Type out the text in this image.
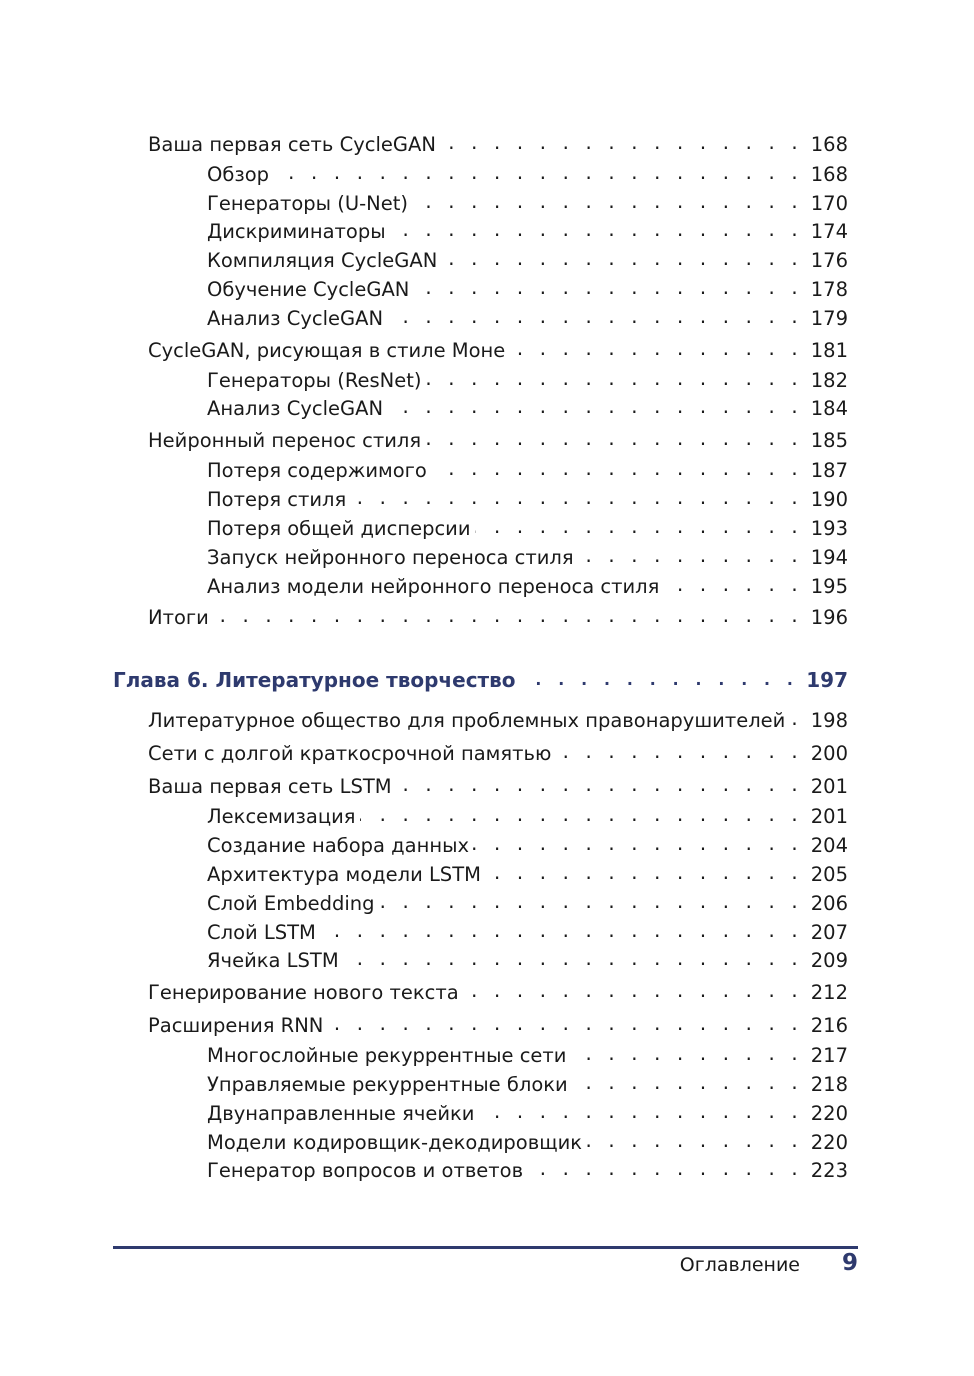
Ваша первая сеть CycleGAN . . .	168
Обзор . . .	168
Генераторы (U-Net) . . .	170
Дискриминаторы . . .	174
Компиляция CycleGAN . . .	176
Обучение CycleGAN . . .	178
Анализ CycleGAN . . .	179
CycleGAN, рисующая в стиле Моне . . .	181
Генераторы (ResNet) . . .	182
Анализ CycleGAN . . .	184
Нейронный перенос стиля . . .	185
Потеря содержимого . . .	187
Потеря стиля . . .	190
Потеря общей дисперсии . . .	193
Запуск нейронного переноса стиля . . .	194
Анализ модели нейронного переноса стиля . . .	195
Итоги . . .	196
Глава 6. Литературное творчество . . .	197
Литературное общество для проблемных правонарушителей . . . 198
Сети с долгой краткосрочной памятью . . .	200
Ваша первая сеть LSTM . . .	201
Лексемизация . . .	201
Создание набора данных . . .	204
Архитектура модели LSTM . . .	205
Слой Embedding . . .	206
Слой LSTM . . .	207
Ячейка LSTM . . .	209
Генерирование нового текста . . .	212
Расширения RNN . . .	216
Многослойные рекуррентные сети . . .	217
Управляемые рекуррентные блоки . . .	218
Двунаправленные ячейки . . .	220
Модели кодировщик-декодировщик . . .	220
Генератор вопросов и ответов . . .	223
Оглавление 9
